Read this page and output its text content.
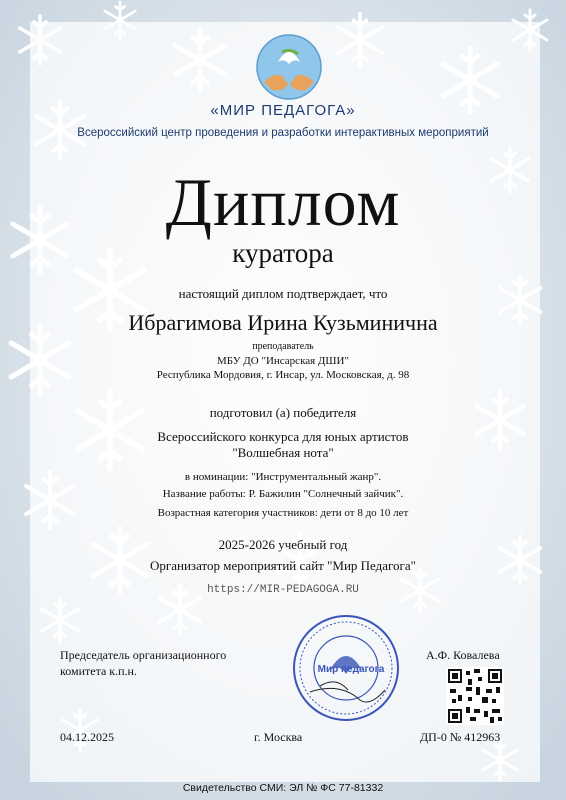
«МИР ПЕДАГОГА»
Всероссийский центр проведения и разработки интерактивных мероприятий
Диплом
куратора
настоящий диплом подтверждает, что
Ибрагимова Ирина Кузьминична
преподаватель
МБУ ДО "Инсарская ДШИ"
Республика Мордовия, г. Инсар, ул. Московская, д. 98
подготовил (а) победителя
Всероссийского конкурса для юных артистов
"Волшебная нота"
в номинации: "Инструментальный жанр".
Название работы: Р. Бажилин "Солнечный зайчик".
Возрастная категория участников: дети от 8 до 10 лет
2025-2026 учебный год
Организатор мероприятий сайт "Мир Педагога"
https://MIR-PEDAGOGA.RU
Председатель организационного
комитета к.п.н.
А.Ф. Ковалева
Мир педагога
04.12.2025	г. Москва	ДП-0 № 412963
Свидетельство СМИ: ЭЛ № ФС 77-81332
